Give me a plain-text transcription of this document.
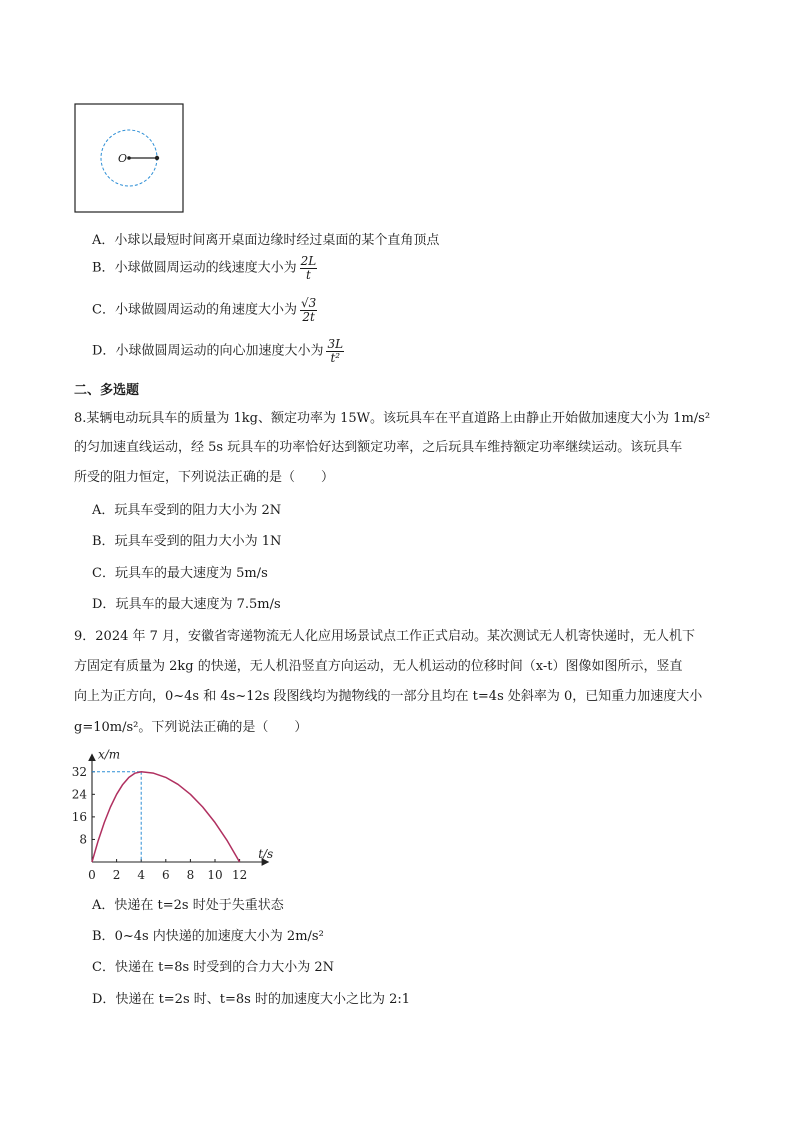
O
A．小球以最短时间离开桌面边缘时经过桌面的某个直角顶点
B．小球做圆周运动的线速度大小为 $\frac{2L}{t}$
C．小球做圆周运动的角速度大小为 $\frac{√3}{2t}$
D．小球做圆周运动的向心加速度大小为 $\frac{3L}{\text{t²}}$
二、多选题
8.某辆电动玩具车的质量为 1kg、额定功率为 15W。该玩具车在平直道路上由静止开始做加速度大小为 1m/s²
的匀加速直线运动，经 5s 玩具车的功率恰好达到额定功率，之后玩具车维持额定功率继续运动。该玩具车
所受的阻力恒定，下列说法正确的是（　　）
A．玩具车受到的阻力大小为 2N
B．玩具车受到的阻力大小为 1N
C．玩具车的最大速度为 5m/s
D．玩具车的最大速度为 7.5m/s
9．2024 年 7 月，安徽省寄递物流无人化应用场景试点工作正式启动。某次测试无人机寄快递时，无人机下
方固定有质量为 2kg 的快递，无人机沿竖直方向运动，无人机运动的位移时间（x-t）图像如图所示，竖直
向上为正方向，0~4s 和 4s~12s 段图线均为抛物线的一部分且均在 t=4s 处斜率为 0，已知重力加速度大小
g=10m/s²。下列说法正确的是（　　）
t/s
x/m
0 2 4 6 8 10 12
8
16
24
32
A．快递在 t=2s 时处于失重状态
B．0~4s 内快递的加速度大小为 2m/s²
C．快递在 t=8s 时受到的合力大小为 2N
D．快递在 t=2s 时、t=8s 时的加速度大小之比为 2:1
